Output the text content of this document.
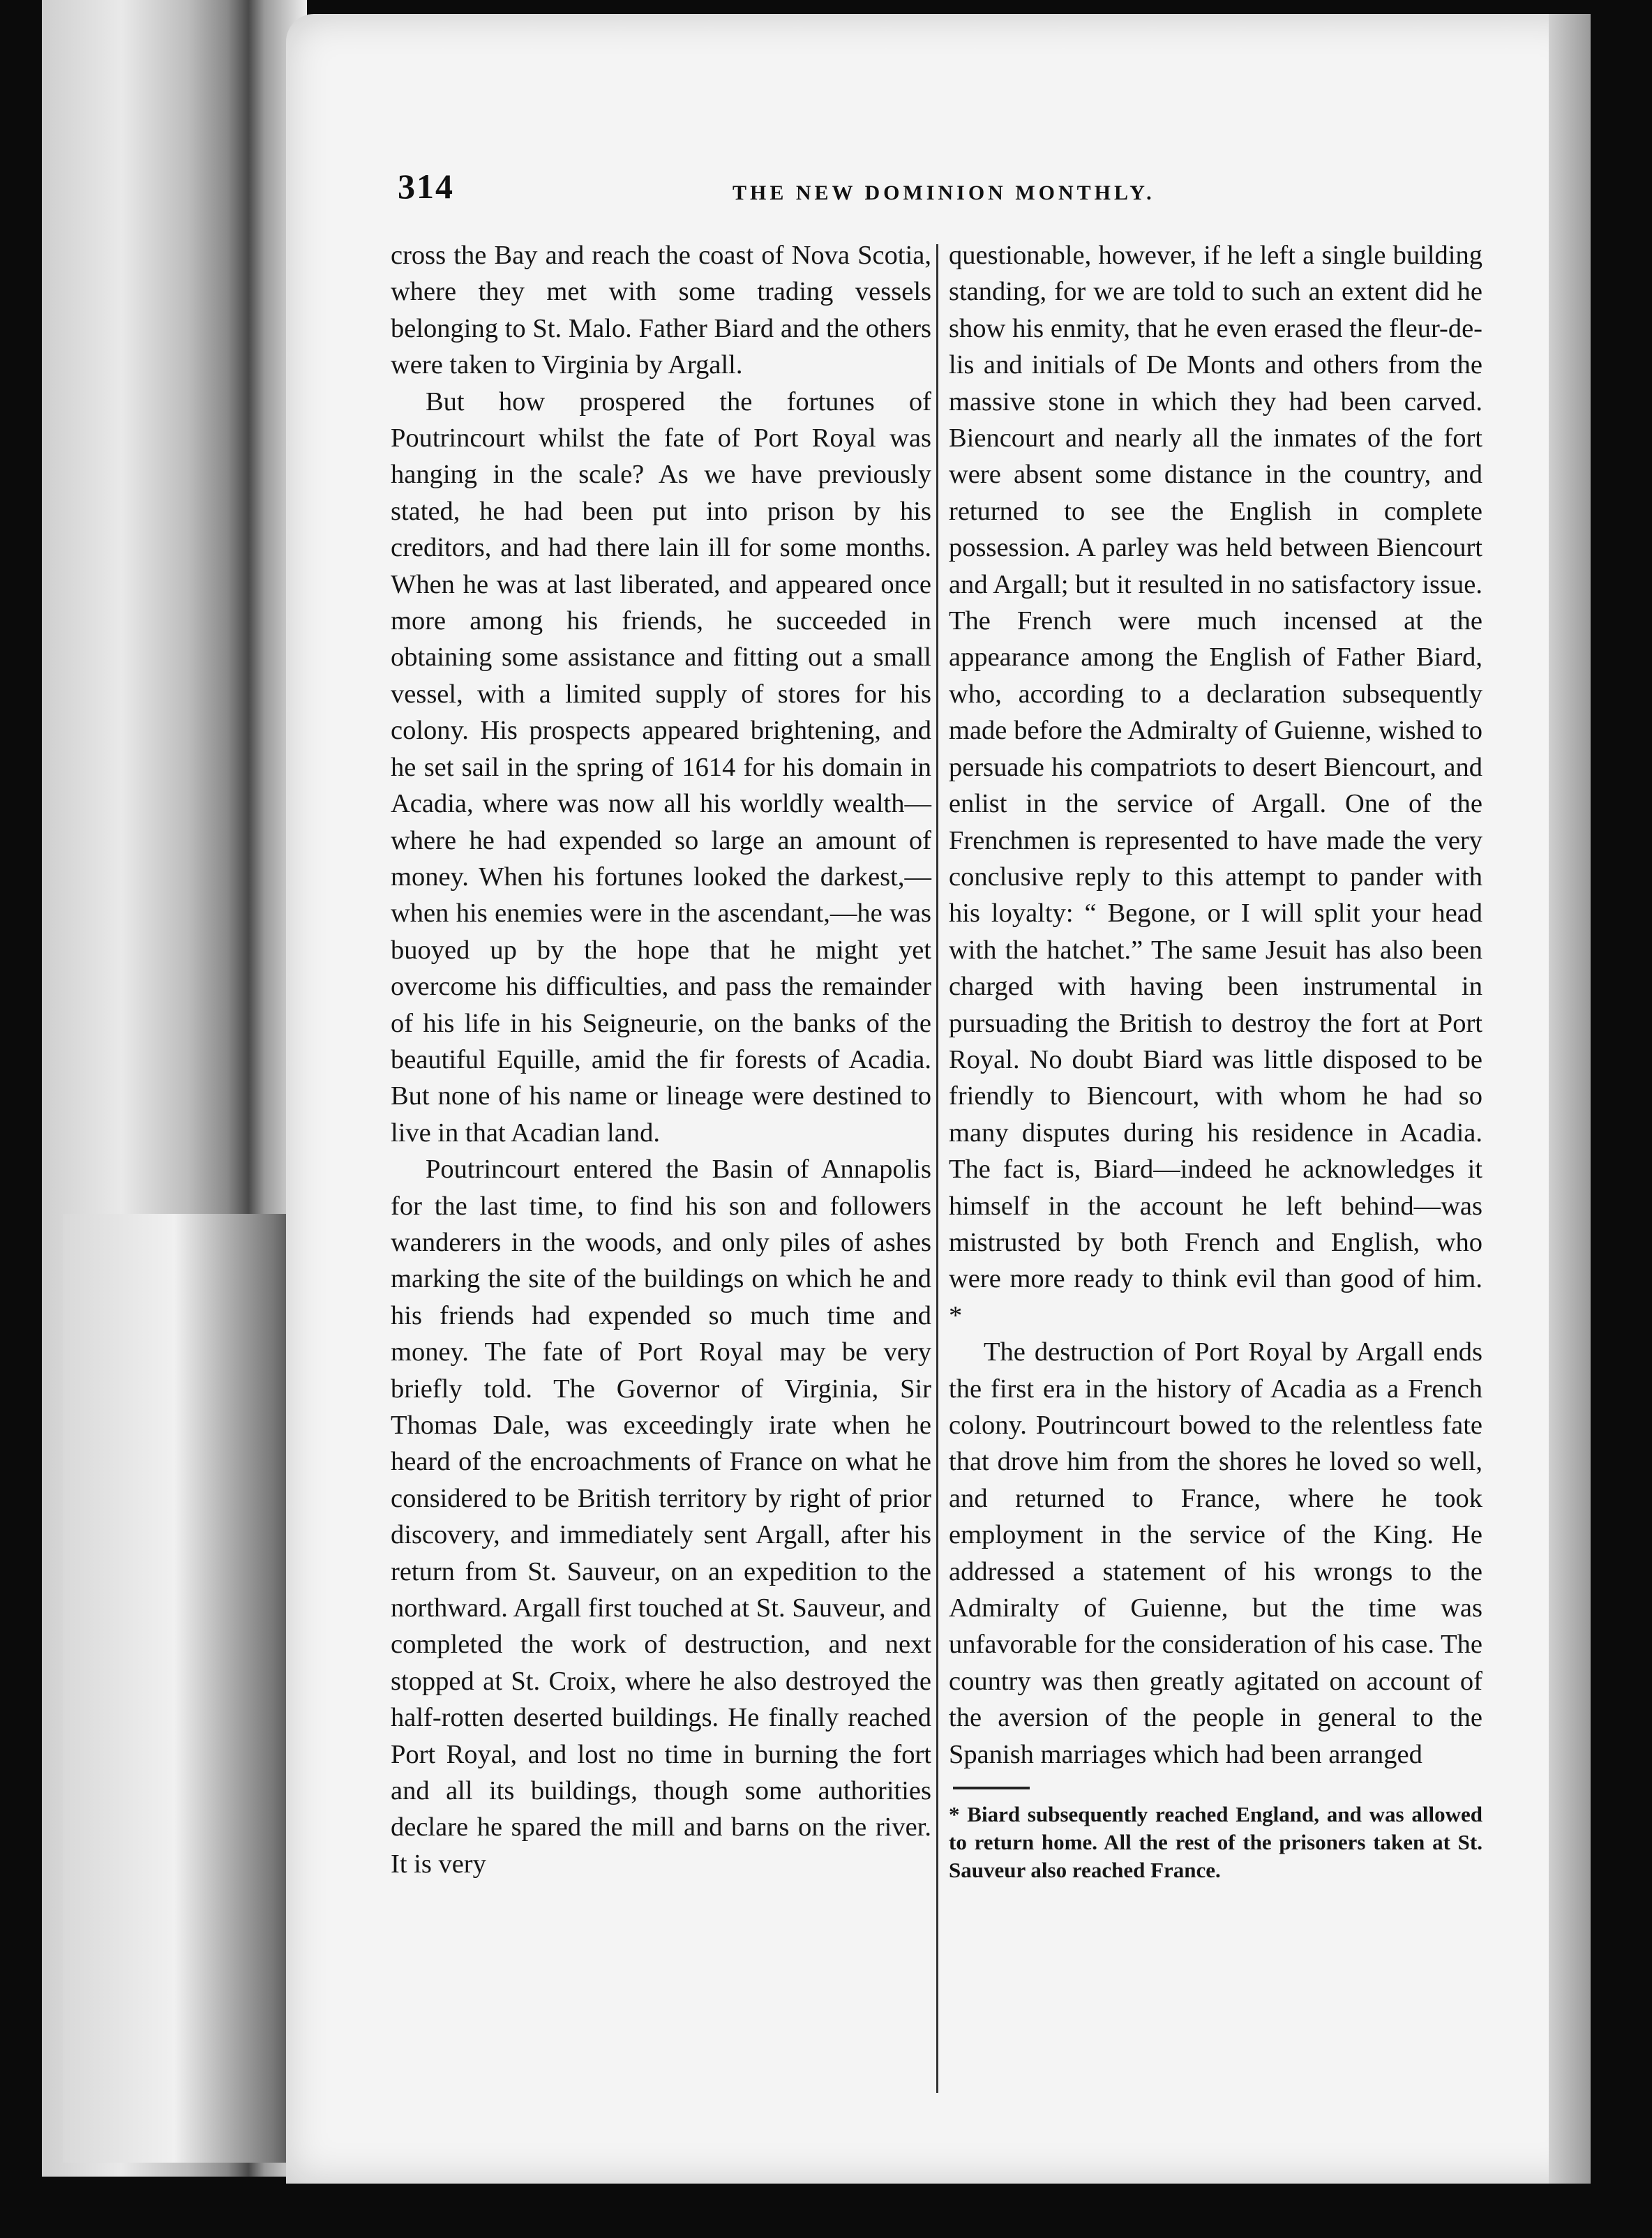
314	THE NEW DOMINION MONTHLY.

cross the Bay and reach the coast of Nova Scotia, where they met with some trading vessels belonging to St. Malo. Father Biard and the others were taken to Virginia by Argall.

But how prospered the fortunes of Poutrincourt whilst the fate of Port Royal was hanging in the scale? As we have previously stated, he had been put into prison by his creditors, and had there lain ill for some months. When he was at last liberated, and appeared once more among his friends, he succeeded in obtaining some assistance and fitting out a small vessel, with a limited supply of stores for his colony. His prospects appeared brightening, and he set sail in the spring of 1614 for his domain in Acadia, where was now all his worldly wealth—where he had expended so large an amount of money. When his fortunes looked the darkest,—when his enemies were in the ascendant,—he was buoyed up by the hope that he might yet overcome his difficulties, and pass the remainder of his life in his Seigneurie, on the banks of the beautiful Equille, amid the fir forests of Acadia. But none of his name or lineage were destined to live in that Acadian land.

Poutrincourt entered the Basin of Annapolis for the last time, to find his son and followers wanderers in the woods, and only piles of ashes marking the site of the buildings on which he and his friends had expended so much time and money. The fate of Port Royal may be very briefly told. The Governor of Virginia, Sir Thomas Dale, was exceedingly irate when he heard of the encroachments of France on what he considered to be British territory by right of prior discovery, and immediately sent Argall, after his return from St. Sauveur, on an expedition to the northward. Argall first touched at St. Sauveur, and completed the work of destruction, and next stopped at St. Croix, where he also destroyed the half-rotten deserted buildings. He finally reached Port Royal, and lost no time in burning the fort and all its buildings, though some authorities declare he spared the mill and barns on the river. It is very

questionable, however, if he left a single building standing, for we are told to such an extent did he show his enmity, that he even erased the fleur-de-lis and initials of De Monts and others from the massive stone in which they had been carved. Biencourt and nearly all the inmates of the fort were absent some distance in the country, and returned to see the English in complete possession. A parley was held between Biencourt and Argall; but it resulted in no satisfactory issue. The French were much incensed at the appearance among the English of Father Biard, who, according to a declaration subsequently made before the Admiralty of Guienne, wished to persuade his compatriots to desert Biencourt, and enlist in the service of Argall. One of the Frenchmen is represented to have made the very conclusive reply to this attempt to pander with his loyalty: “ Begone, or I will split your head with the hatchet.” The same Jesuit has also been charged with having been instrumental in pursuading the British to destroy the fort at Port Royal. No doubt Biard was little disposed to be friendly to Biencourt, with whom he had so many disputes during his residence in Acadia. The fact is, Biard—indeed he acknowledges it himself in the account he left behind—was mistrusted by both French and English, who were more ready to think evil than good of him. *

The destruction of Port Royal by Argall ends the first era in the history of Acadia as a French colony. Poutrincourt bowed to the relentless fate that drove him from the shores he loved so well, and returned to France, where he took employment in the service of the King. He addressed a statement of his wrongs to the Admiralty of Guienne, but the time was unfavorable for the consideration of his case. The country was then greatly agitated on account of the aversion of the people in general to the Spanish marriages which had been arranged

* Biard subsequently reached England, and was allowed to return home. All the rest of the prisoners taken at St. Sauveur also reached France.
